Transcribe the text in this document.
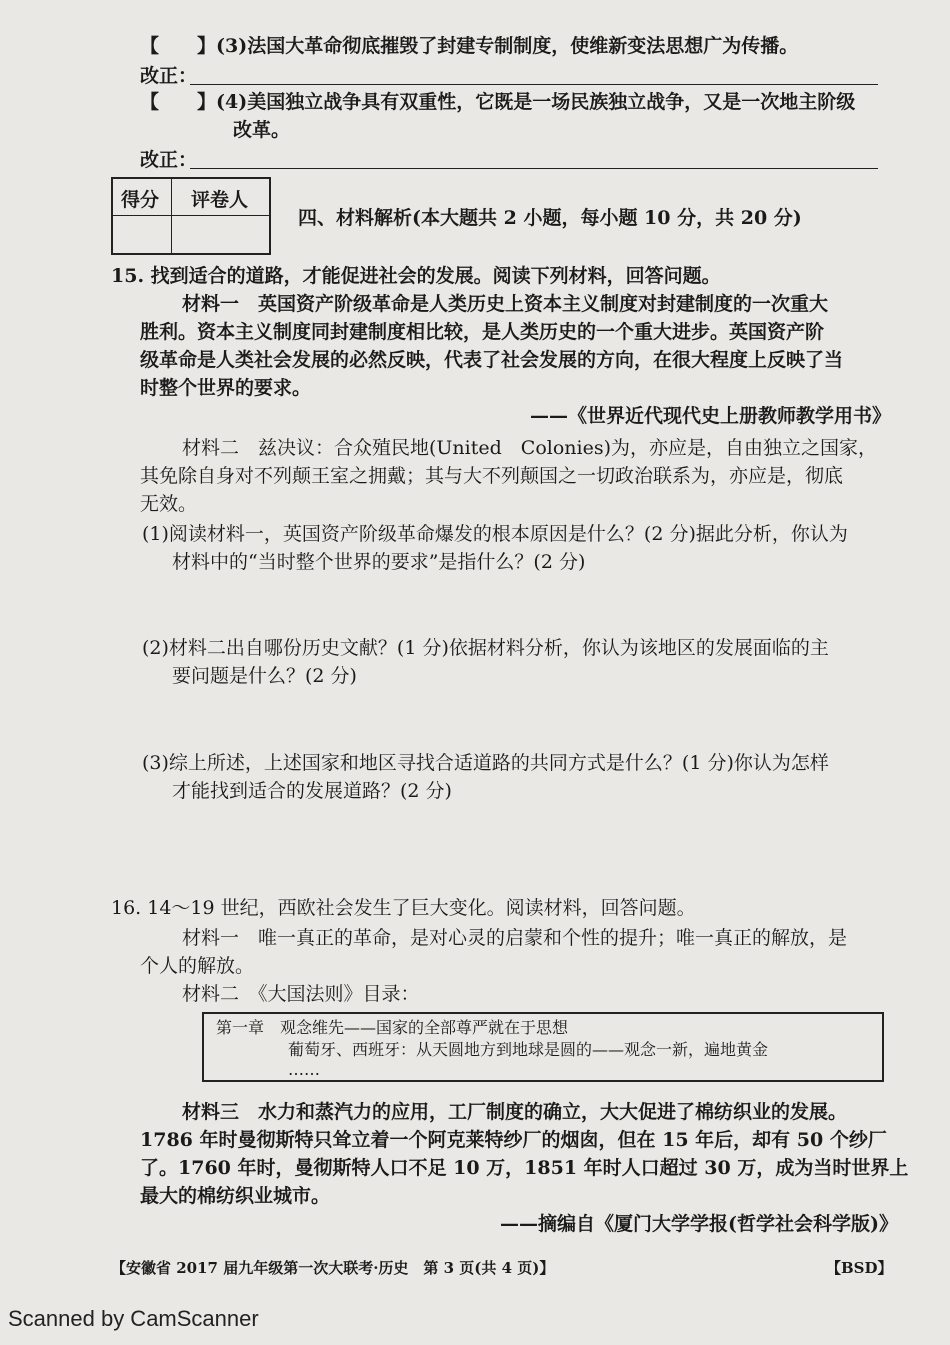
【　　】(3)法国大革命彻底摧毁了封建专制制度，使维新变法思想广为传播。
改正：
【　　】(4)美国独立战争具有双重性，它既是一场民族独立战争，又是一次地主阶级
改革。
改正：
得分 评卷人
四、材料解析(本大题共 2 小题，每小题 10 分，共 20 分)
15. 找到适合的道路，才能促进社会的发展。阅读下列材料，回答问题。
材料一　英国资产阶级革命是人类历史上资本主义制度对封建制度的一次重大
胜利。资本主义制度同封建制度相比较，是人类历史的一个重大进步。英国资产阶
级革命是人类社会发展的必然反映，代表了社会发展的方向，在很大程度上反映了当
时整个世界的要求。
——《世界近代现代史上册教师教学用书》
材料二　兹决议：合众殖民地(United　Colonies)为，亦应是，自由独立之国家，
其免除自身对不列颠王室之拥戴；其与大不列颠国之一切政治联系为，亦应是，彻底
无效。
(1)阅读材料一，英国资产阶级革命爆发的根本原因是什么？(2 分)据此分析，你认为
材料中的“当时整个世界的要求”是指什么？(2 分)
(2)材料二出自哪份历史文献？(1 分)依据材料分析，你认为该地区的发展面临的主
要问题是什么？(2 分)
(3)综上所述，上述国家和地区寻找合适道路的共同方式是什么？(1 分)你认为怎样
才能找到适合的发展道路？(2 分)
16. 14～19 世纪，西欧社会发生了巨大变化。阅读材料，回答问题。
材料一　唯一真正的革命，是对心灵的启蒙和个性的提升；唯一真正的解放，是
个人的解放。
材料二　《大国法则》目录：
第一章　观念维先——国家的全部尊严就在于思想
葡萄牙、西班牙：从天圆地方到地球是圆的——观念一新，遍地黄金
……
材料三　水力和蒸汽力的应用，工厂制度的确立，大大促进了棉纺织业的发展。
1786 年时曼彻斯特只耸立着一个阿克莱特纱厂的烟囱，但在 15 年后，却有 50 个纱厂
了。1760 年时，曼彻斯特人口不足 10 万，1851 年时人口超过 30 万，成为当时世界上
最大的棉纺织业城市。
——摘编自《厦门大学学报(哲学社会科学版)》
【安徽省 2017 届九年级第一次大联考·历史　第 3 页(共 4 页)】	【BSD】
Scanned by CamScanner
